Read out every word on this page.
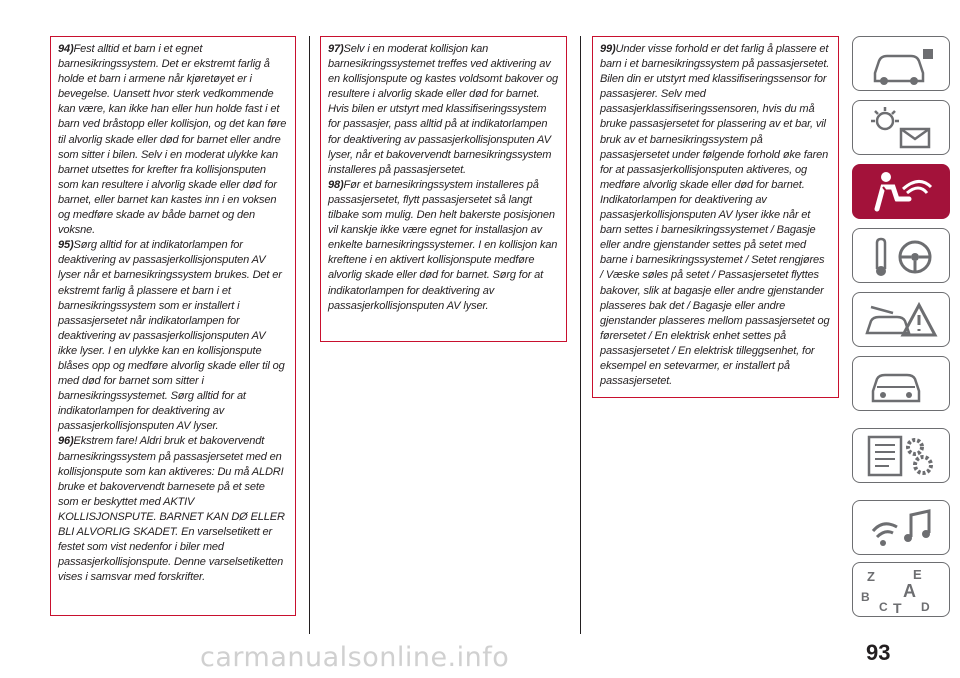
94)Fest alltid et barn i et egnet barnesikringssystem. Det er ekstremt farlig å holde et barn i armene når kjøretøyet er i bevegelse. Uansett hvor sterk vedkommende kan være, kan ikke han eller hun holde fast i et barn ved bråstopp eller kollisjon, og det kan føre til alvorlig skade eller død for barnet eller andre som sitter i bilen. Selv i en moderat ulykke kan barnet utsettes for krefter fra kollisjonsputen som kan resultere i alvorlig skade eller død for barnet, eller barnet kan kastes inn i en voksen og medføre skade av både barnet og den voksne.

95)Sørg alltid for at indikatorlampen for deaktivering av passasjerkollisjonsputen AV lyser når et barnesikringssystem brukes. Det er ekstremt farlig å plassere et barn i et barnesikringssystem som er installert i passasjersetet når indikatorlampen for deaktivering av passasjerkollisjonsputen AV ikke lyser. I en ulykke kan en kollisjonspute blåses opp og medføre alvorlig skade eller til og med død for barnet som sitter i barnesikringssystemet. Sørg alltid for at indikatorlampen for deaktivering av passasjerkollisjonsputen AV lyser.

96)Ekstrem fare! Aldri bruk et bakovervendt barnesikringssystem på passasjersetet med en kollisjonspute som kan aktiveres: Du må ALDRI bruke et bakovervendt barnesete på et sete som er beskyttet med AKTIV KOLLISJONSPUTE. BARNET KAN DØ ELLER BLI ALVORLIG SKADET. En varselsetikett er festet som vist nedenfor i biler med passasjerkollisjonspute. Denne varselsetiketten vises i samsvar med forskrifter.

97)Selv i en moderat kollisjon kan barnesikringssystemet treffes ved aktivering av en kollisjonspute og kastes voldsomt bakover og resultere i alvorlig skade eller død for barnet. Hvis bilen er utstyrt med klassifiseringssystem for passasjer, pass alltid på at indikatorlampen for deaktivering av passasjerkollisjonsputen AV lyser, når et bakovervendt barnesikringssystem installeres på passasjersetet.

98)Før et barnesikringssystem installeres på passasjersetet, flytt passasjersetet så langt tilbake som mulig. Den helt bakerste posisjonen vil kanskje ikke være egnet for installasjon av enkelte barnesikringssystemer. I en kollisjon kan kreftene i en aktivert kollisjonspute medføre alvorlig skade eller død for barnet. Sørg for at indikatorlampen for deaktivering av passasjerkollisjonsputen AV lyser.

99)Under visse forhold er det farlig å plassere et barn i et barnesikringssystem på passasjersetet. Bilen din er utstyrt med klassifiseringssensor for passasjerer. Selv med passasjerklassifiseringssensoren, hvis du må bruke passasjersetet for plassering av et bar, vil bruk av et barnesikringssystem på passasjersetet under følgende forhold øke faren for at passasjerkollisjonsputen aktiveres, og medføre alvorlig skade eller død for barnet. Indikatorlampen for deaktivering av passasjerkollisjonsputen AV lyser ikke når et barn settes i barnesikringssystemet / Bagasje eller andre gjenstander settes på setet med barne i barnesikringssystemet / Setet rengjøres / Væske søles på setet / Passasjersetet flyttes bakover, slik at bagasje eller andre gjenstander plasseres bak det / Bagasje eller andre gjenstander plasseres mellom passasjersetet og førersetet / En elektrisk enhet settes på passasjersetet / En elektrisk tilleggsenhet, for eksempel en setevarmer, er installert på passasjersetet.

Z	E
A
B
C	D
T
93
carmanualsonline.info
